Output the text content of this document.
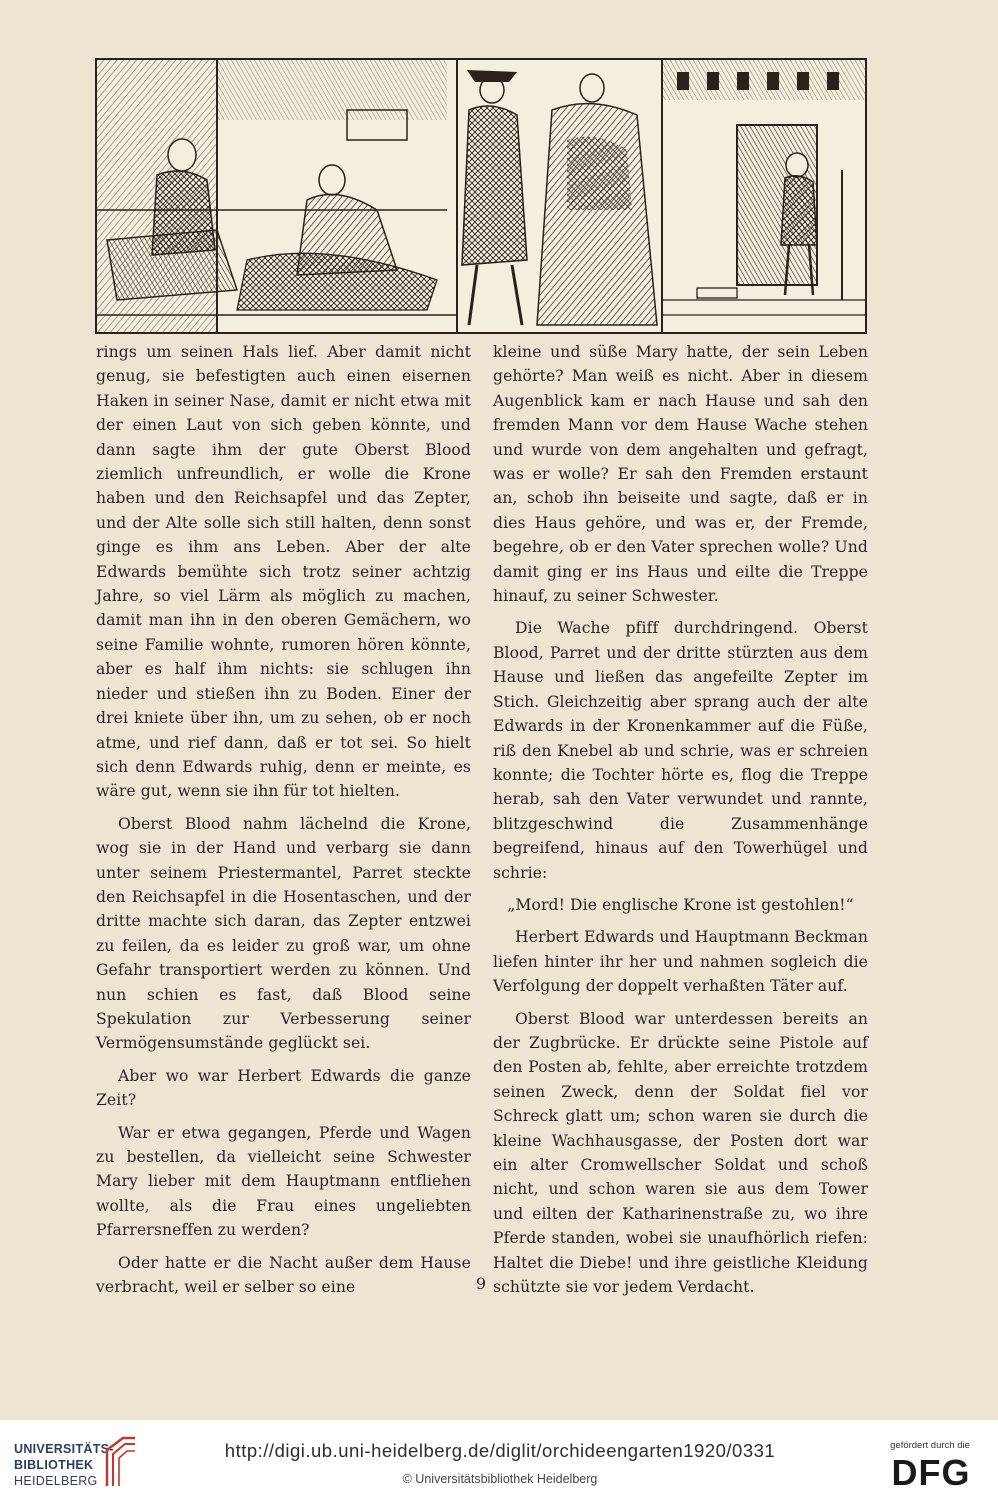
rings um seinen Hals lief. Aber damit nicht genug, sie befestigten auch einen eisernen Haken in seiner Nase, damit er nicht etwa mit der einen Laut von sich geben könnte, und dann sagte ihm der gute Oberst Blood ziemlich unfreundlich, er wolle die Krone haben und den Reichsapfel und das Zepter, und der Alte solle sich still halten, denn sonst ginge es ihm ans Leben. Aber der alte Edwards bemühte sich trotz seiner achtzig Jahre, so viel Lärm als möglich zu machen, damit man ihn in den oberen Gemächern, wo seine Familie wohnte, rumoren hören könnte, aber es half ihm nichts: sie schlugen ihn nieder und stießen ihn zu Boden. Einer der drei kniete über ihn, um zu sehen, ob er noch atme, und rief dann, daß er tot sei. So hielt sich denn Edwards ruhig, denn er meinte, es wäre gut, wenn sie ihn für tot hielten.

Oberst Blood nahm lächelnd die Krone, wog sie in der Hand und verbarg sie dann unter seinem Priestermantel, Parret steckte den Reichsapfel in die Hosentaschen, und der dritte machte sich daran, das Zepter entzwei zu feilen, da es leider zu groß war, um ohne Gefahr transportiert werden zu können. Und nun schien es fast, daß Blood seine Spekulation zur Verbesserung seiner Vermögensumstände geglückt sei.

Aber wo war Herbert Edwards die ganze Zeit?

War er etwa gegangen, Pferde und Wagen zu bestellen, da vielleicht seine Schwester Mary lieber mit dem Hauptmann entfliehen wollte, als die Frau eines ungeliebten Pfarrersneffen zu werden?

Oder hatte er die Nacht außer dem Hause verbracht, weil er selber so eine

kleine und süße Mary hatte, der sein Leben gehörte? Man weiß es nicht. Aber in diesem Augenblick kam er nach Hause und sah den fremden Mann vor dem Hause Wache stehen und wurde von dem angehalten und gefragt, was er wolle? Er sah den Fremden erstaunt an, schob ihn beiseite und sagte, daß er in dies Haus gehöre, und was er, der Fremde, begehre, ob er den Vater sprechen wolle? Und damit ging er ins Haus und eilte die Treppe hinauf, zu seiner Schwester.

Die Wache pfiff durchdringend. Oberst Blood, Parret und der dritte stürzten aus dem Hause und ließen das angefeilte Zepter im Stich. Gleichzeitig aber sprang auch der alte Edwards in der Kronenkammer auf die Füße, riß den Knebel ab und schrie, was er schreien konnte; die Tochter hörte es, flog die Treppe herab, sah den Vater verwundet und rannte, blitzgeschwind die Zusammenhänge begreifend, hinaus auf den Towerhügel und schrie:

„Mord! Die englische Krone ist gestohlen!“

Herbert Edwards und Hauptmann Beckman liefen hinter ihr her und nahmen sogleich die Verfolgung der doppelt verhaßten Täter auf.

Oberst Blood war unterdessen bereits an der Zugbrücke. Er drückte seine Pistole auf den Posten ab, fehlte, aber erreichte trotzdem seinen Zweck, denn der Soldat fiel vor Schreck glatt um; schon waren sie durch die kleine Wachhausgasse, der Posten dort war ein alter Cromwellscher Soldat und schoß nicht, und schon waren sie aus dem Tower und eilten der Katharinenstraße zu, wo ihre Pferde standen, wobei sie unaufhörlich riefen: Haltet die Diebe! und ihre geistliche Kleidung schützte sie vor jedem Verdacht.

9
UNIVERSITÄTS-
BIBLIOTHEK
HEIDELBERG
http://digi.ub.uni-heidelberg.de/diglit/orchideengarten1920/0331
© Universitätsbibliothek Heidelberg
gefördert durch die
DFG
